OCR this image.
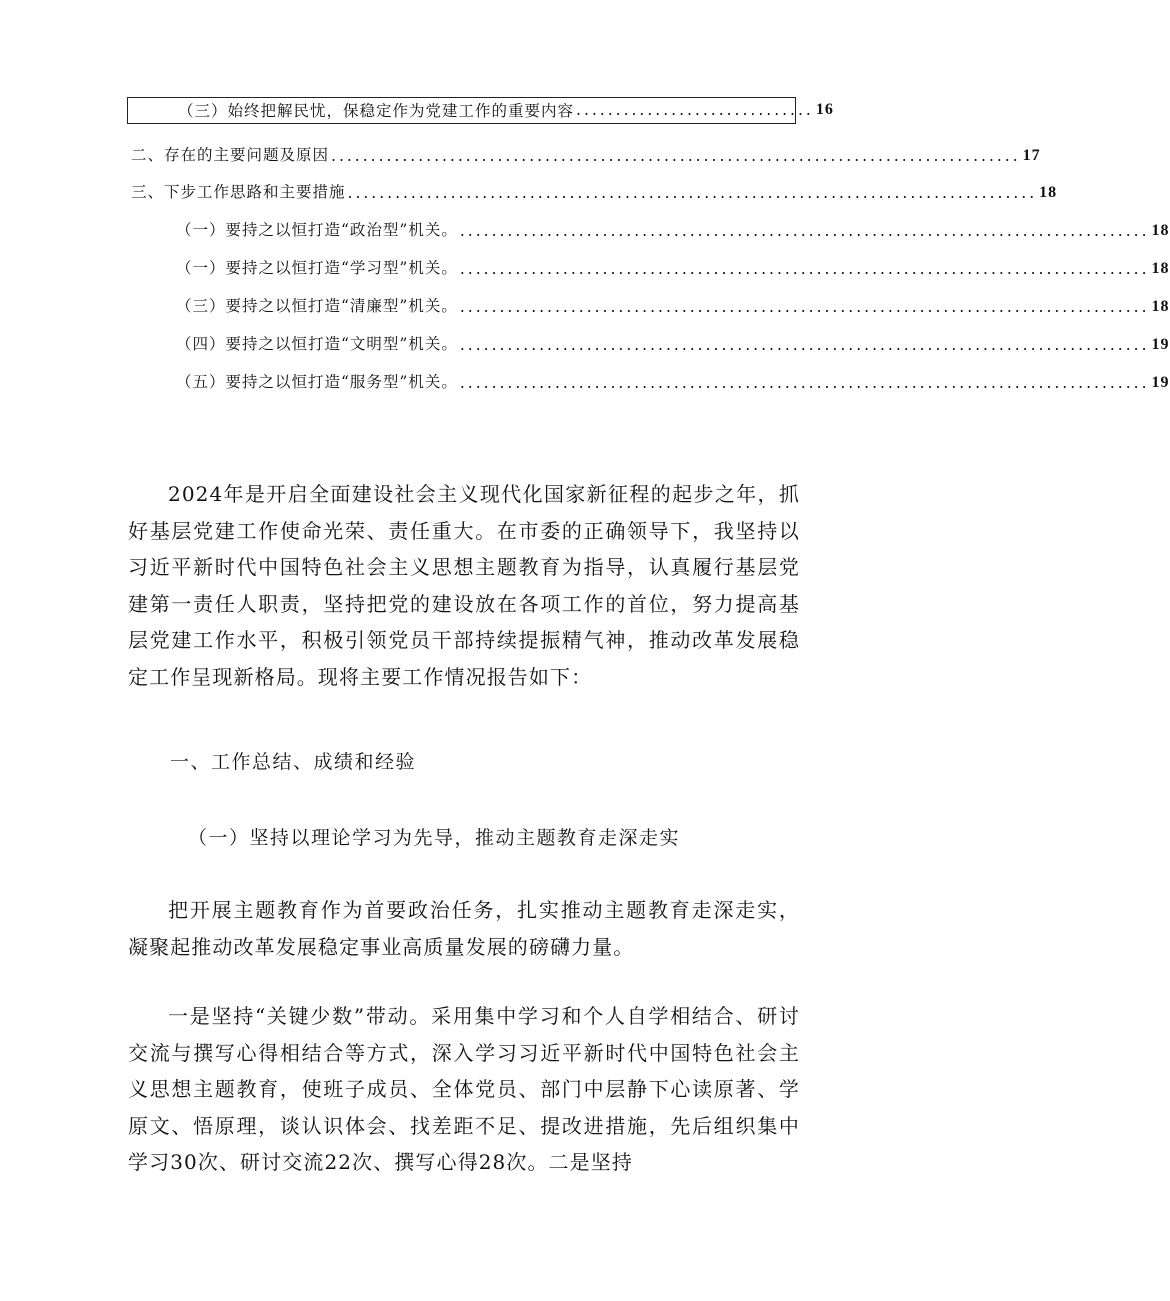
（三）始终把解民忧，保稳定作为党建工作的重要内容 .............................. 16
二、存在的主要问题及原因 ....................................................................................... 17
三、下步工作思路和主要措施 ....................................................................................... 18
（一）要持之以恒打造“政治型”机关。 ....................................................................................... 18
（一）要持之以恒打造“学习型”机关。 ....................................................................................... 18
（三）要持之以恒打造“清廉型”机关。 ....................................................................................... 18
（四）要持之以恒打造“文明型”机关。 ....................................................................................... 19
（五）要持之以恒打造“服务型”机关。 ....................................................................................... 19

2024年是开启全面建设社会主义现代化国家新征程的起步之年，抓好基层党建工作使命光荣、责任重大。在市委的正确领导下，我坚持以习近平新时代中国特色社会主义思想主题教育为指导，认真履行基层党建第一责任人职责，坚持把党的建设放在各项工作的首位，努力提高基层党建工作水平，积极引领党员干部持续提振精气神，推动改革发展稳定工作呈现新格局。现将主要工作情况报告如下：

一、工作总结、成绩和经验
（一）坚持以理论学习为先导，推动主题教育走深走实

把开展主题教育作为首要政治任务，扎实推动主题教育走深走实，凝聚起推动改革发展稳定事业高质量发展的磅礴力量。

一是坚持“关键少数”带动。采用集中学习和个人自学相结合、研讨交流与撰写心得相结合等方式，深入学习习近平新时代中国特色社会主义思想主题教育，使班子成员、全体党员、部门中层静下心读原著、学原文、悟原理，谈认识体会、找差距不足、提改进措施，先后组织集中学习30次、研讨交流22次、撰写心得28次。二是坚持
